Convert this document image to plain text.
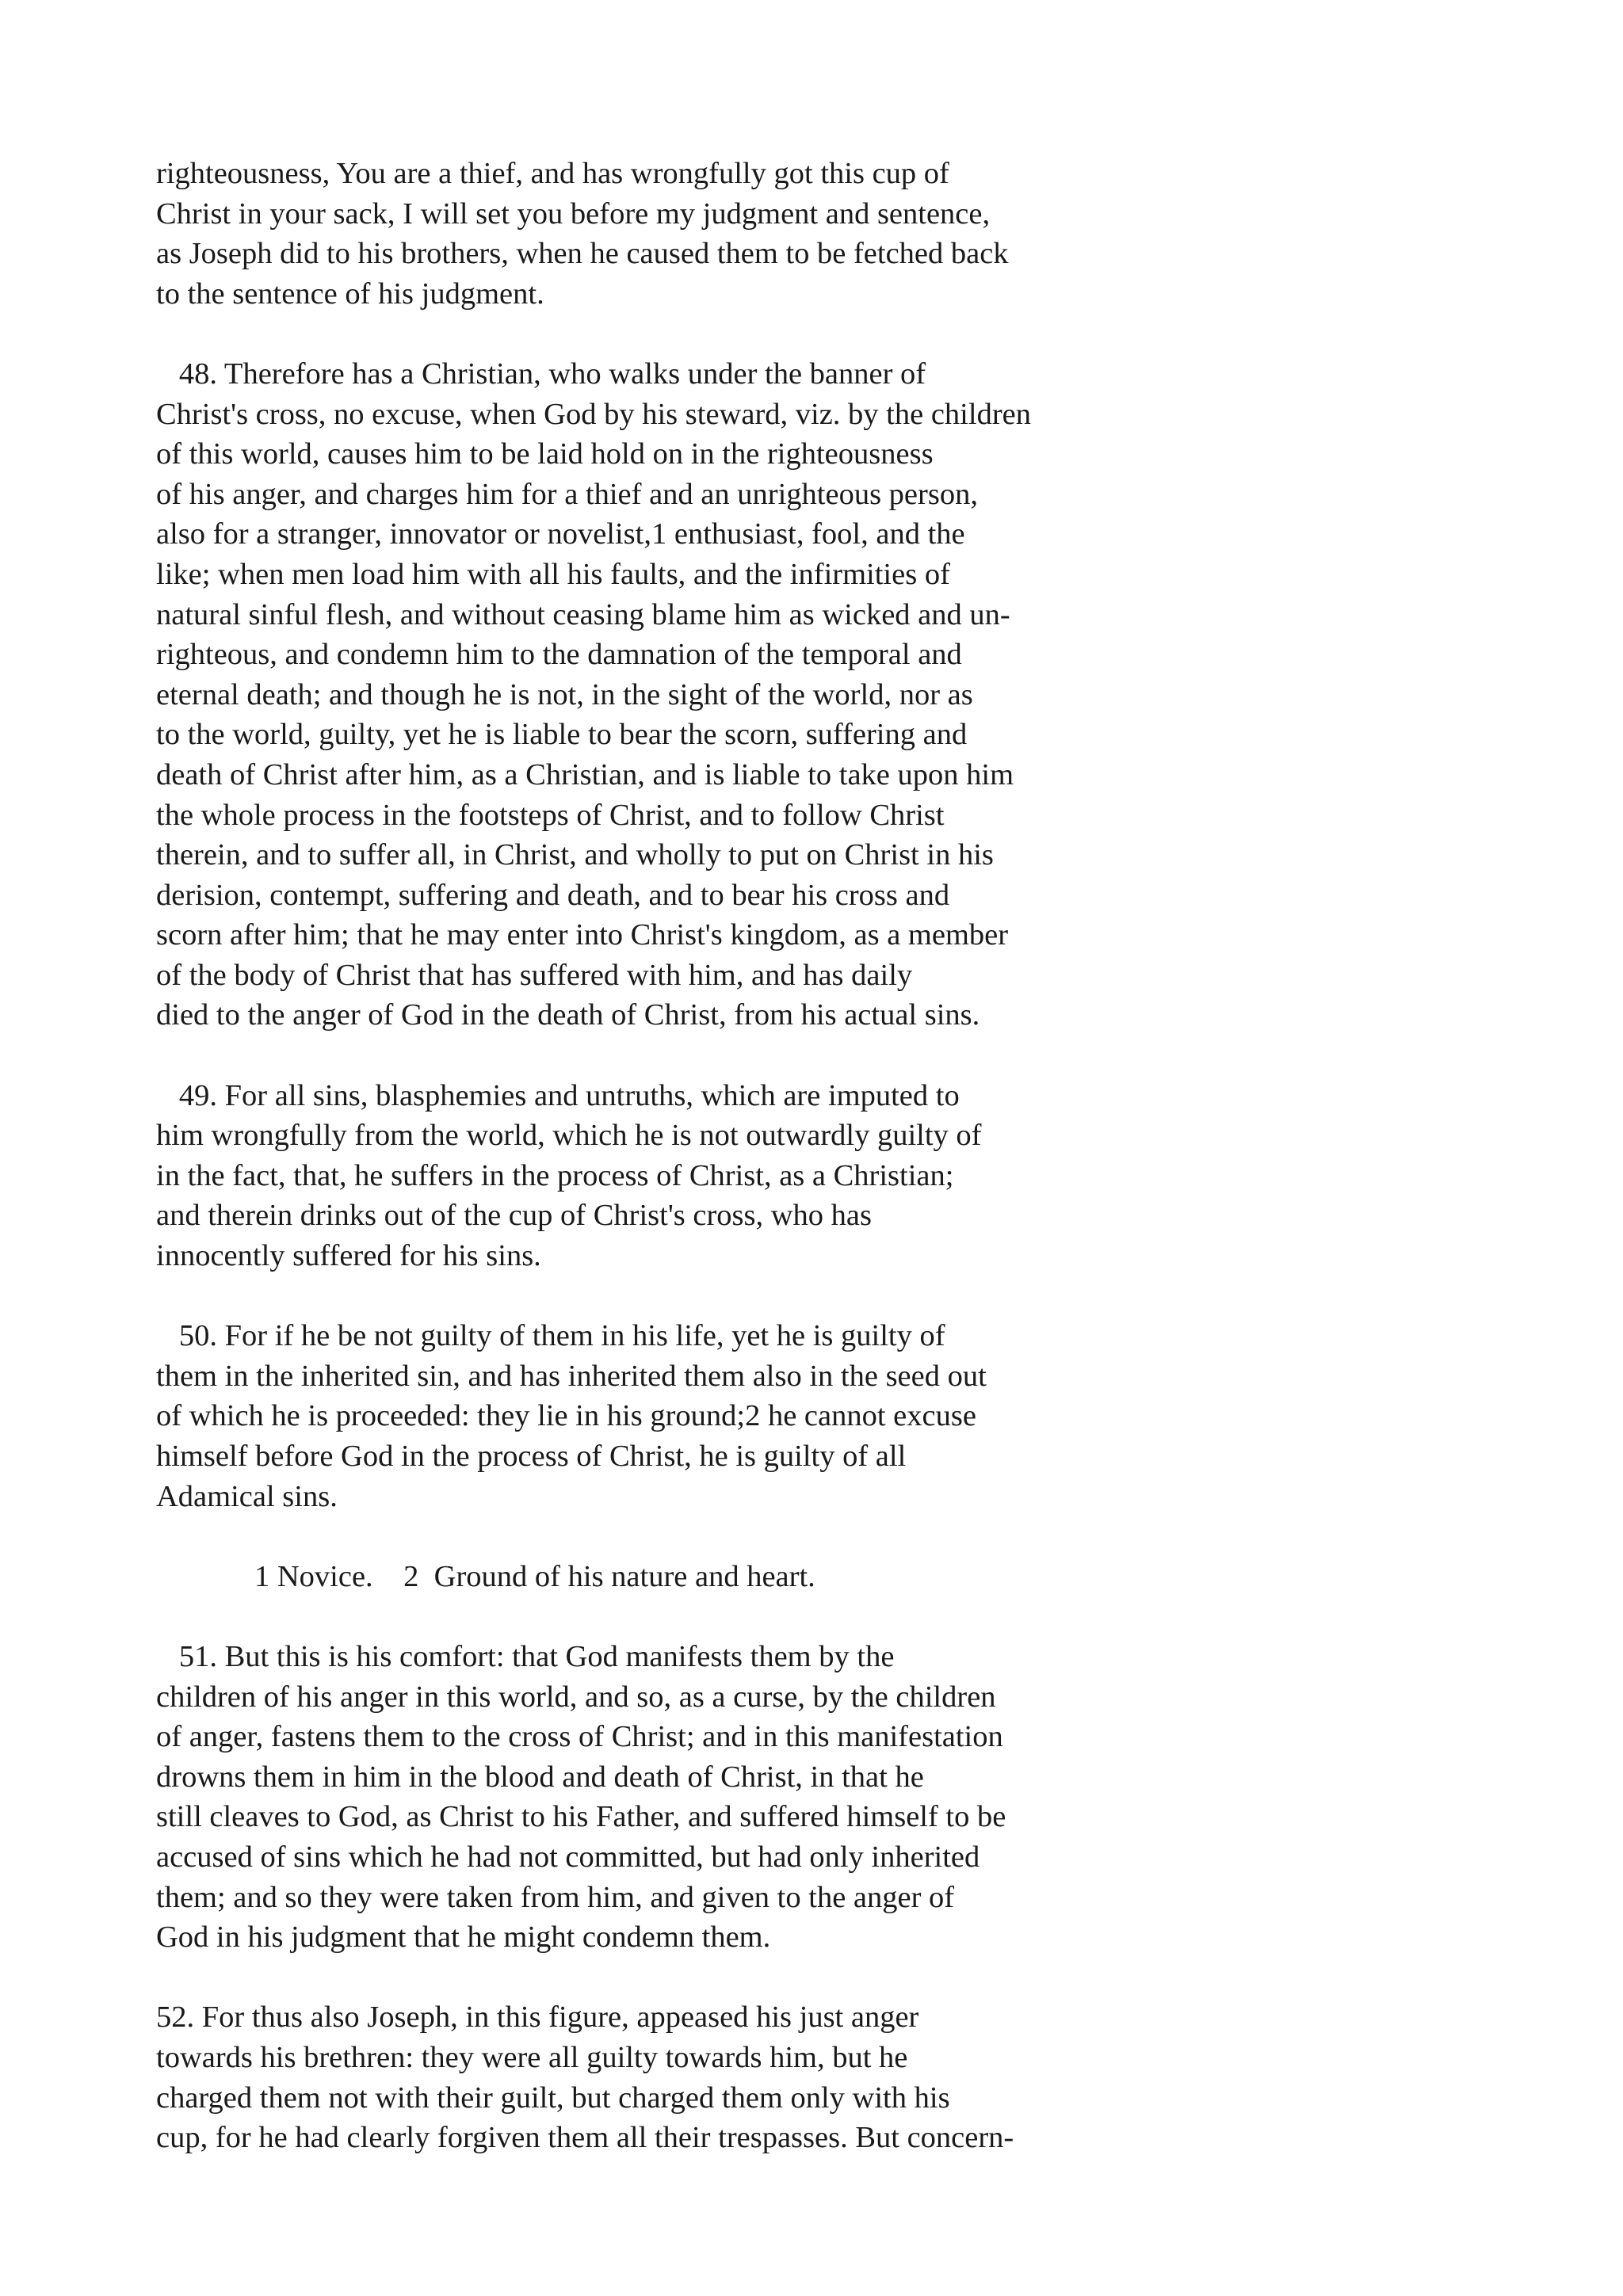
righteousness, You are a thief, and has wrongfully got this cup of
Christ in your sack, I will set you before my judgment and sentence,
as Joseph did to his brothers, when he caused them to be fetched back
to the sentence of his judgment.
48. Therefore has a Christian, who walks under the banner of
Christ's cross, no excuse, when God by his steward, viz. by the children
of this world, causes him to be laid hold on in the righteousness
of his anger, and charges him for a thief and an unrighteous person,
also for a stranger, innovator or novelist,1 enthusiast, fool, and the
like; when men load him with all his faults, and the infirmities of
natural sinful flesh, and without ceasing blame him as wicked and un-
righteous, and condemn him to the damnation of the temporal and
eternal death; and though he is not, in the sight of the world, nor as
to the world, guilty, yet he is liable to bear the scorn, suffering and
death of Christ after him, as a Christian, and is liable to take upon him
the whole process in the footsteps of Christ, and to follow Christ
therein, and to suffer all, in Christ, and wholly to put on Christ in his
derision, contempt, suffering and death, and to bear his cross and
scorn after him; that he may enter into Christ's kingdom, as a member
of the body of Christ that has suffered with him, and has daily
died to the anger of God in the death of Christ, from his actual sins.
49. For all sins, blasphemies and untruths, which are imputed to
him wrongfully from the world, which he is not outwardly guilty of
in the fact, that, he suffers in the process of Christ, as a Christian;
and therein drinks out of the cup of Christ's cross, who has
innocently suffered for his sins.
50. For if he be not guilty of them in his life, yet he is guilty of
them in the inherited sin, and has inherited them also in the seed out
of which he is proceeded: they lie in his ground;2 he cannot excuse
himself before God in the process of Christ, he is guilty of all
Adamical sins.
1 Novice.    2  Ground of his nature and heart.
51. But this is his comfort: that God manifests them by the
children of his anger in this world, and so, as a curse, by the children
of anger, fastens them to the cross of Christ; and in this manifestation
drowns them in him in the blood and death of Christ, in that he
still cleaves to God, as Christ to his Father, and suffered himself to be
accused of sins which he had not committed, but had only inherited
them; and so they were taken from him, and given to the anger of
God in his judgment that he might condemn them.
52. For thus also Joseph, in this figure, appeased his just anger
towards his brethren: they were all guilty towards him, but he
charged them not with their guilt, but charged them only with his
cup, for he had clearly forgiven them all their trespasses. But concern-
